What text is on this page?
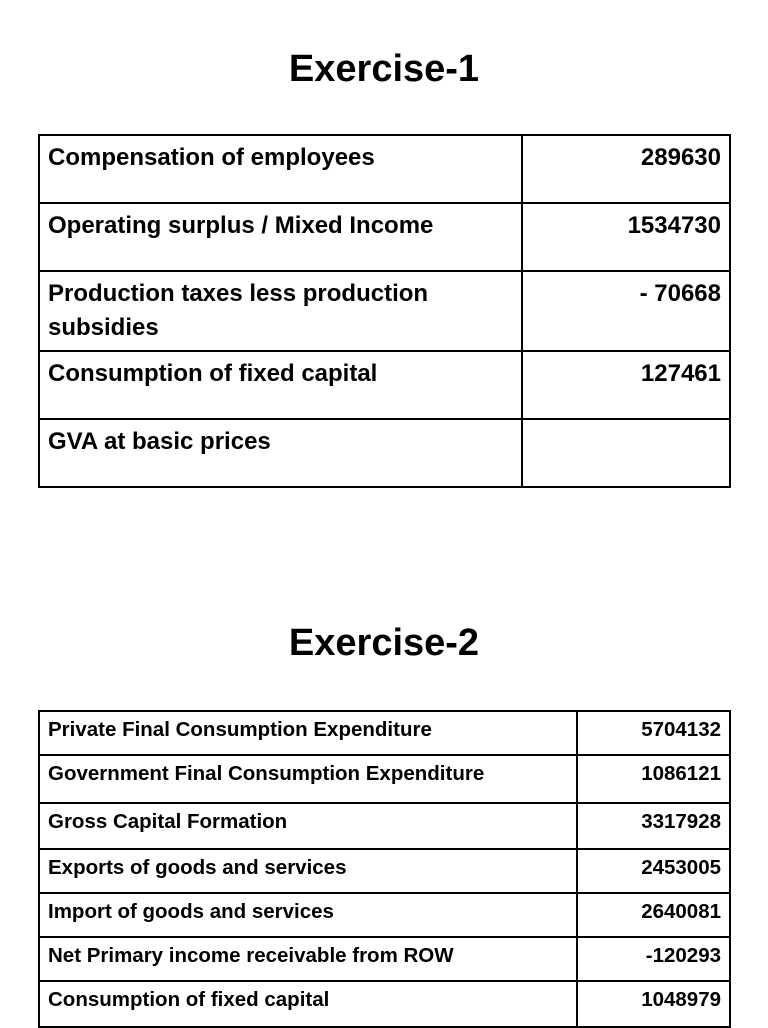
Exercise-1
Compensation of employees	289630
Operating surplus / Mixed Income	1534730
Production taxes less production subsidies	- 70668
Consumption of fixed capital	127461
GVA at basic prices	
Exercise-2
Private Final Consumption Expenditure	5704132
Government Final Consumption Expenditure	1086121
Gross Capital Formation	3317928
Exports of goods and services	2453005
Import of goods and services	2640081
Net Primary income receivable from ROW	-120293
Consumption of fixed capital	1048979
